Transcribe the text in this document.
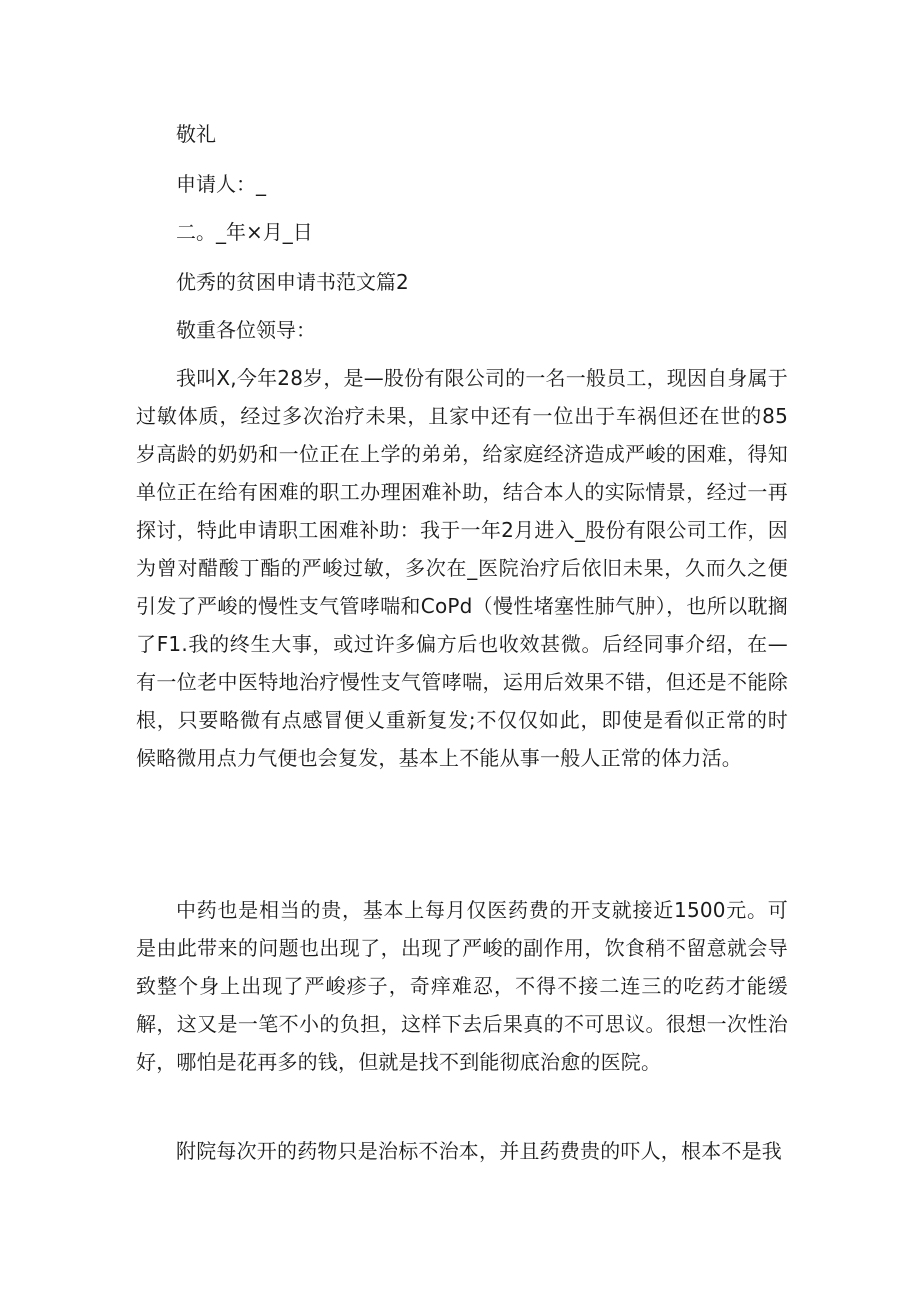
敬礼
申请人：_
二。_年×月_日
优秀的贫困申请书范文篇2
敬重各位领导：
我叫X,今年28岁，是—股份有限公司的一名一般员工，现因自身属于过敏体质，经过多次治疗未果，且家中还有一位出于车祸但还在世的85岁高龄的奶奶和一位正在上学的弟弟，给家庭经济造成严峻的困难，得知单位正在给有困难的职工办理困难补助，结合本人的实际情景，经过一再探讨，特此申请职工困难补助：我于一年2月进入_股份有限公司工作，因为曾对醋酸丁酯的严峻过敏，多次在_医院治疗后依旧未果，久而久之便引发了严峻的慢性支气管哮喘和CoPd（慢性堵塞性肺气肿），也所以耽搁了F1.我的终生大事，或过许多偏方后也收效甚微。后经同事介绍，在—有一位老中医特地治疗慢性支气管哮喘，运用后效果不错，但还是不能除根，只要略微有点感冒便乂重新复发;不仅仅如此，即使是看似正常的时候略微用点力气便也会复发，基本上不能从事一般人正常的体力活。
中药也是相当的贵，基本上每月仅医药费的开支就接近1500元。可是由此带来的问题也出现了，出现了严峻的副作用，饮食稍不留意就会导致整个身上出现了严峻疹子，奇痒难忍，不得不接二连三的吃药才能缓解，这又是一笔不小的负担，这样下去后果真的不可思议。很想一次性治好，哪怕是花再多的钱，但就是找不到能彻底治愈的医院。
附院每次开的药物只是治标不治本，并且药费贵的吓人，根本不是我
